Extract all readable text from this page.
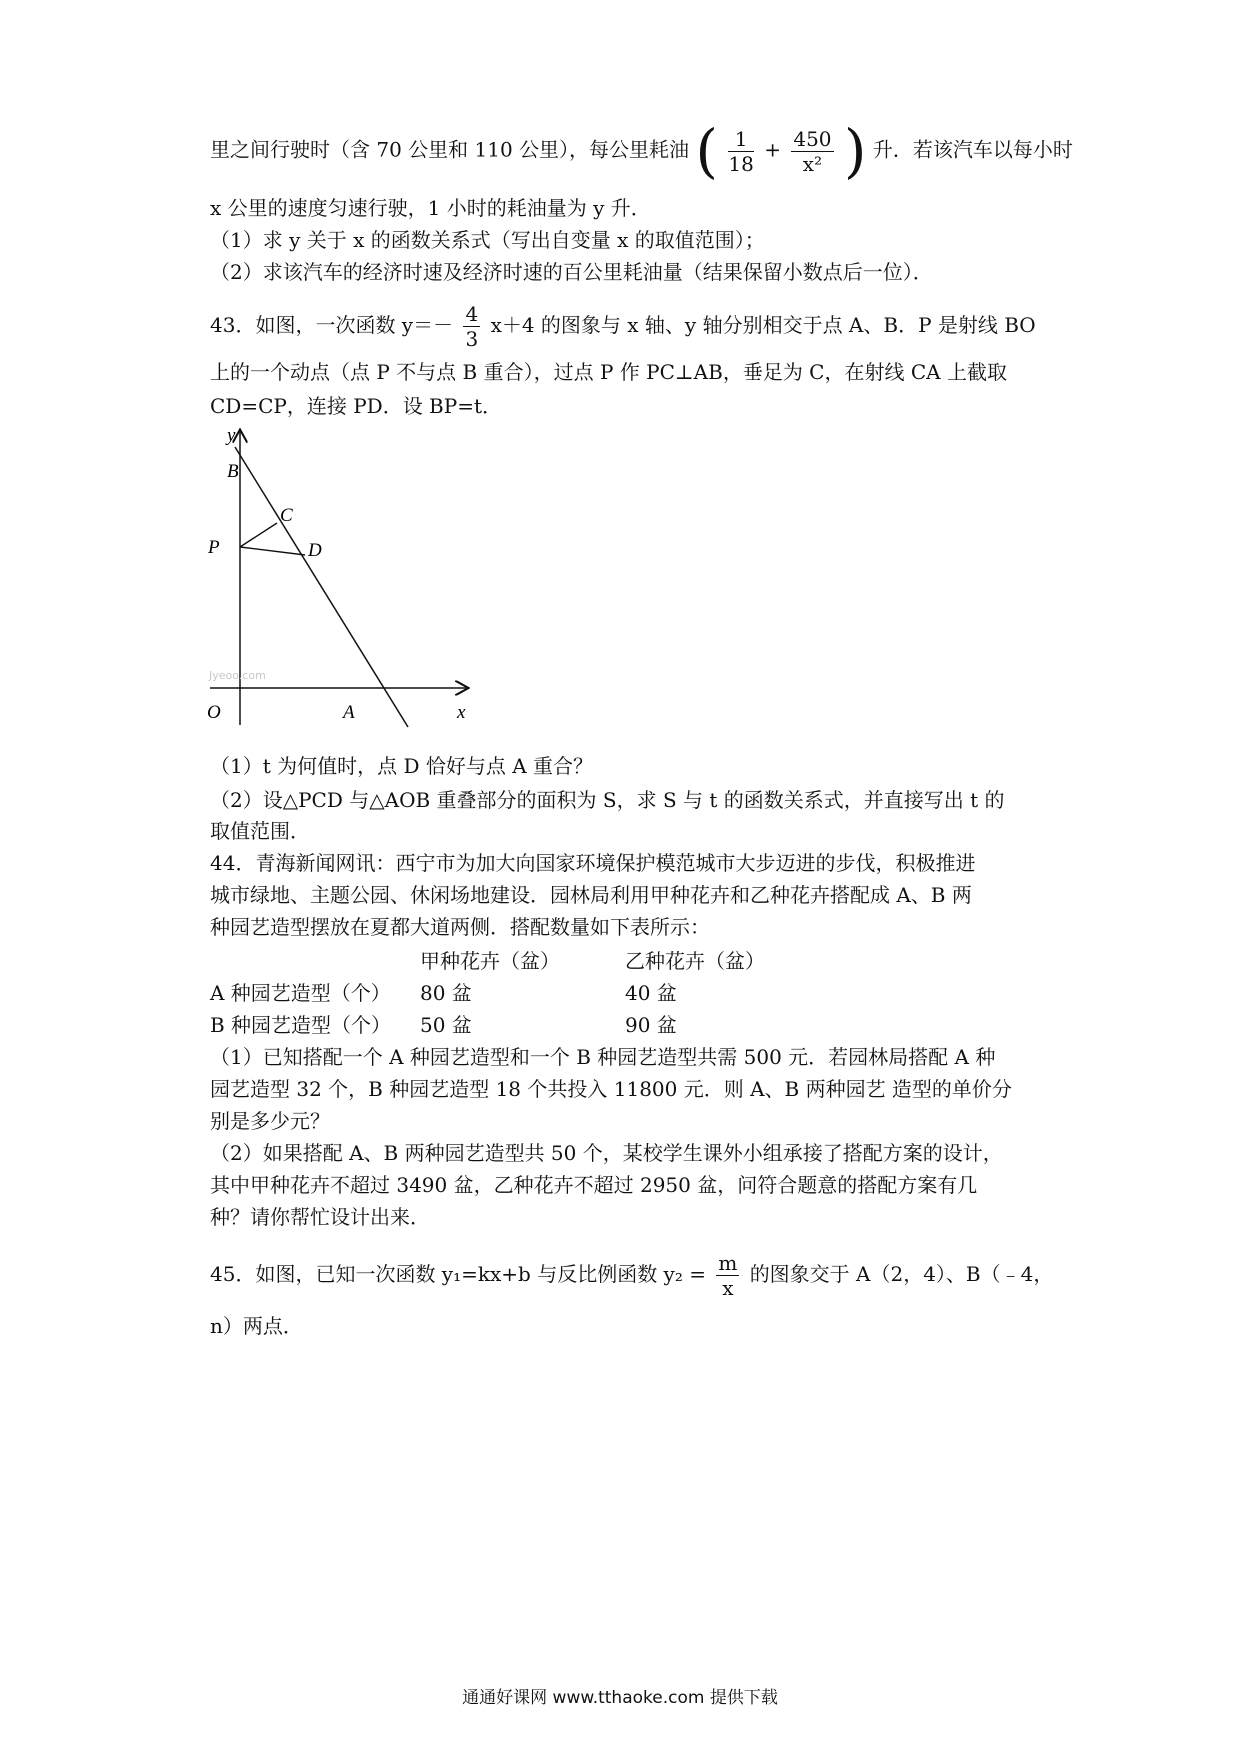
里之间行驶时（含 70 公里和 110 公里），每公里耗油 ( $\frac{1}{18} + \frac{450}{\text{x²}}$ ) 升．若该汽车以每小时
x 公里的速度匀速行驶，1 小时的耗油量为 y 升．
（1）求 y 关于 x 的函数关系式（写出自变量 x 的取值范围）；
（2）求该汽车的经济时速及经济时速的百公里耗油量（结果保留小数点后一位）．
43．如图，一次函数 $y=- \frac{4}{3} x+4$ 的图象与 x 轴、y 轴分别相交于点 A、B．P 是射线 BO
上的一个动点（点 P 不与点 B 重合），过点 P 作 PC⊥AB，垂足为 C，在射线 CA 上截取
CD=CP，连接 PD．设 BP=t．
y
B
C
P	D
Jyeoo.com
O	A	x
（1）t 为何值时，点 D 恰好与点 A 重合？
（2）设△PCD 与△AOB 重叠部分的面积为 S，求 S 与 t 的函数关系式，并直接写出 t 的
取值范围．
44．青海新闻网讯：西宁市为加大向国家环境保护模范城市大步迈进的步伐，积极推进
城市绿地、主题公园、休闲场地建设．园林局利用甲种花卉和乙种花卉搭配成 A、B 两
种园艺造型摆放在夏都大道两侧．搭配数量如下表所示：
甲种花卉（盆）	乙种花卉（盆）
A 种园艺造型（个） 80 盆	40 盆
B 种园艺造型（个） 50 盆	90 盆
（1）已知搭配一个 A 种园艺造型和一个 B 种园艺造型共需 500 元．若园林局搭配 A 种
园艺造型 32 个，B 种园艺造型 18 个共投入 11800 元．则 A、B 两种园艺 造型的单价分
别是多少元？
（2）如果搭配 A、B 两种园艺造型共 50 个，某校学生课外小组承接了搭配方案的设计，
其中甲种花卉不超过 3490 盆，乙种花卉不超过 2950 盆，问符合题意的搭配方案有几
种？请你帮忙设计出来．
45．如图，已知一次函数 y₁=kx+b 与反比例函数 $y_2 = \frac{m}{x}$ 的图象交于 A（2，4）、B（﹣4，
n）两点．
通通好课网 www.tthaoke.com 提供下载
